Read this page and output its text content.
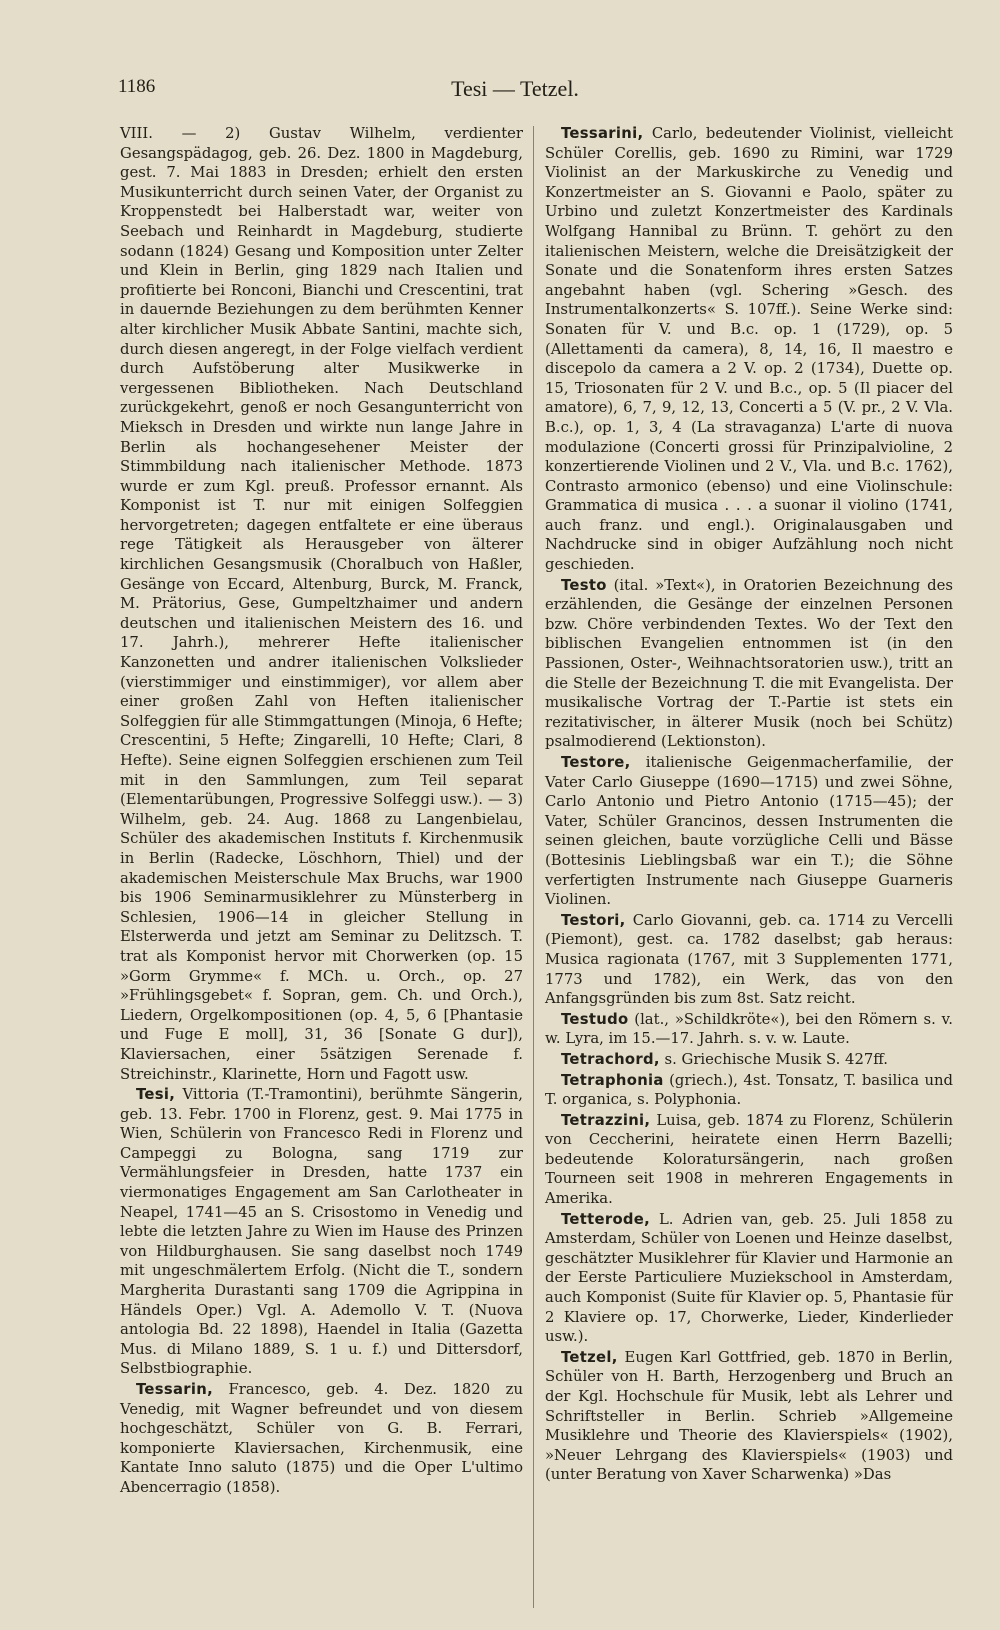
1186	Tesi — Tetzel.

VIII. — 2) Gustav Wilhelm, verdienter Gesangspädagog, geb. 26. Dez. 1800 in Magdeburg, gest. 7. Mai 1883 in Dresden; erhielt den ersten Musikunterricht durch seinen Vater, der Organist zu Kroppenstedt bei Halberstadt war, weiter von Seebach und Reinhardt in Magdeburg, studierte sodann (1824) Gesang und Komposition unter Zelter und Klein in Berlin, ging 1829 nach Italien und profitierte bei Ronconi, Bianchi und Crescentini, trat in dauernde Beziehungen zu dem berühmten Kenner alter kirchlicher Musik Abbate Santini, machte sich, durch diesen angeregt, in der Folge vielfach verdient durch Aufstöberung alter Musikwerke in vergessenen Bibliotheken. Nach Deutschland zurückgekehrt, genoß er noch Gesangunterricht von Mieksch in Dresden und wirkte nun lange Jahre in Berlin als hochangesehener Meister der Stimmbildung nach italienischer Methode. 1873 wurde er zum Kgl. preuß. Professor ernannt. Als Komponist ist T. nur mit einigen Solfeggien hervorgetreten; dagegen entfaltete er eine überaus rege Tätigkeit als Herausgeber von älterer kirchlichen Gesangsmusik (Choralbuch von Haßler, Gesänge von Eccard, Altenburg, Burck, M. Franck, M. Prätorius, Gese, Gumpeltzhaimer und andern deutschen und italienischen Meistern des 16. und 17. Jahrh.), mehrerer Hefte italienischer Kanzonetten und andrer italienischen Volkslieder (vierstimmiger und einstimmiger), vor allem aber einer großen Zahl von Heften italienischer Solfeggien für alle Stimmgattungen (Minoja, 6 Hefte; Crescentini, 5 Hefte; Zingarelli, 10 Hefte; Clari, 8 Hefte). Seine eignen Solfeggien erschienen zum Teil mit in den Sammlungen, zum Teil separat (Elementarübungen, Progressive Solfeggi usw.). — 3) Wilhelm, geb. 24. Aug. 1868 zu Langenbielau, Schüler des akademischen Instituts f. Kirchenmusik in Berlin (Radecke, Löschhorn, Thiel) und der akademischen Meisterschule Max Bruchs, war 1900 bis 1906 Seminarmusiklehrer zu Münsterberg in Schlesien, 1906—14 in gleicher Stellung in Elsterwerda und jetzt am Seminar zu Delitzsch. T. trat als Komponist hervor mit Chorwerken (op. 15 »Gorm Grymme« f. MCh. u. Orch., op. 27 »Frühlingsgebet« f. Sopran, gem. Ch. und Orch.), Liedern, Orgelkompositionen (op. 4, 5, 6 [Phantasie und Fuge E moll], 31, 36 [Sonate G dur]), Klaviersachen, einer 5sätzigen Serenade f. Streichinstr., Klarinette, Horn und Fagott usw.

Tesi, Vittoria (T.-Tramontini), berühmte Sängerin, geb. 13. Febr. 1700 in Florenz, gest. 9. Mai 1775 in Wien, Schülerin von Francesco Redi in Florenz und Campeggi zu Bologna, sang 1719 zur Vermählungsfeier in Dresden, hatte 1737 ein viermonatiges Engagement am San Carlotheater in Neapel, 1741—45 an S. Crisostomo in Venedig und lebte die letzten Jahre zu Wien im Hause des Prinzen von Hildburghausen. Sie sang daselbst noch 1749 mit ungeschmälertem Erfolg. (Nicht die T., sondern Margherita Durastanti sang 1709 die Agrippina in Händels Oper.) Vgl. A. Ademollo V. T. (Nuova antologia Bd. 22 1898), Haendel in Italia (Gazetta Mus. di Milano 1889, S. 1 u. f.) und Dittersdorf, Selbstbiographie.

Tessarin, Francesco, geb. 4. Dez. 1820 zu Venedig, mit Wagner befreundet und von diesem hochgeschätzt, Schüler von G. B. Ferrari, komponierte Klaviersachen, Kirchenmusik, eine Kantate Inno saluto (1875) und die Oper L'ultimo Abencerragio (1858).

Tessarini, Carlo, bedeutender Violinist, vielleicht Schüler Corellis, geb. 1690 zu Rimini, war 1729 Violinist an der Markuskirche zu Venedig und Konzertmeister an S. Giovanni e Paolo, später zu Urbino und zuletzt Konzertmeister des Kardinals Wolfgang Hannibal zu Brünn. T. gehört zu den italienischen Meistern, welche die Dreisätzigkeit der Sonate und die Sonatenform ihres ersten Satzes angebahnt haben (vgl. Schering »Gesch. des Instrumentalkonzerts« S. 107ff.). Seine Werke sind: Sonaten für V. und B.c. op. 1 (1729), op. 5 (Allettamenti da camera), 8, 14, 16, Il maestro e discepolo da camera a 2 V. op. 2 (1734), Duette op. 15, Triosonaten für 2 V. und B.c., op. 5 (Il piacer del amatore), 6, 7, 9, 12, 13, Concerti a 5 (V. pr., 2 V. Vla. B.c.), op. 1, 3, 4 (La stravaganza) L'arte di nuova modulazione (Concerti grossi für Prinzipalvioline, 2 konzertierende Violinen und 2 V., Vla. und B.c. 1762), Contrasto armonico (ebenso) und eine Violinschule: Grammatica di musica . . . a suonar il violino (1741, auch franz. und engl.). Originalausgaben und Nachdrucke sind in obiger Aufzählung noch nicht geschieden.

Testo (ital. »Text«), in Oratorien Bezeichnung des erzählenden, die Gesänge der einzelnen Personen bzw. Chöre verbindenden Textes. Wo der Text den biblischen Evangelien entnommen ist (in den Passionen, Oster-, Weihnachtsoratorien usw.), tritt an die Stelle der Bezeichnung T. die mit Evangelista. Der musikalische Vortrag der T.-Partie ist stets ein rezitativischer, in älterer Musik (noch bei Schütz) psalmodierend (Lektionston).

Testore, italienische Geigenmacherfamilie, der Vater Carlo Giuseppe (1690—1715) und zwei Söhne, Carlo Antonio und Pietro Antonio (1715—45); der Vater, Schüler Grancinos, dessen Instrumenten die seinen gleichen, baute vorzügliche Celli und Bässe (Bottesinis Lieblingsbaß war ein T.); die Söhne verfertigten Instrumente nach Giuseppe Guarneris Violinen.

Testori, Carlo Giovanni, geb. ca. 1714 zu Vercelli (Piemont), gest. ca. 1782 daselbst; gab heraus: Musica ragionata (1767, mit 3 Supplementen 1771, 1773 und 1782), ein Werk, das von den Anfangsgründen bis zum 8st. Satz reicht.

Testudo (lat., »Schildkröte«), bei den Römern s. v. w. Lyra, im 15.—17. Jahrh. s. v. w. Laute.

Tetrachord, s. Griechische Musik S. 427ff.

Tetraphonia (griech.), 4st. Tonsatz, T. basilica und T. organica, s. Polyphonia.

Tetrazzini, Luisa, geb. 1874 zu Florenz, Schülerin von Ceccherini, heiratete einen Herrn Bazelli; bedeutende Koloratursängerin, nach großen Tourneen seit 1908 in mehreren Engagements in Amerika.

Tetterode, L. Adrien van, geb. 25. Juli 1858 zu Amsterdam, Schüler von Loenen und Heinze daselbst, geschätzter Musiklehrer für Klavier und Harmonie an der Eerste Particuliere Muziekschool in Amsterdam, auch Komponist (Suite für Klavier op. 5, Phantasie für 2 Klaviere op. 17, Chorwerke, Lieder, Kinderlieder usw.).

Tetzel, Eugen Karl Gottfried, geb. 1870 in Berlin, Schüler von H. Barth, Herzogenberg und Bruch an der Kgl. Hochschule für Musik, lebt als Lehrer und Schriftsteller in Berlin. Schrieb »Allgemeine Musiklehre und Theorie des Klavierspiels« (1902), »Neuer Lehrgang des Klavierspiels« (1903) und (unter Beratung von Xaver Scharwenka) »Das
